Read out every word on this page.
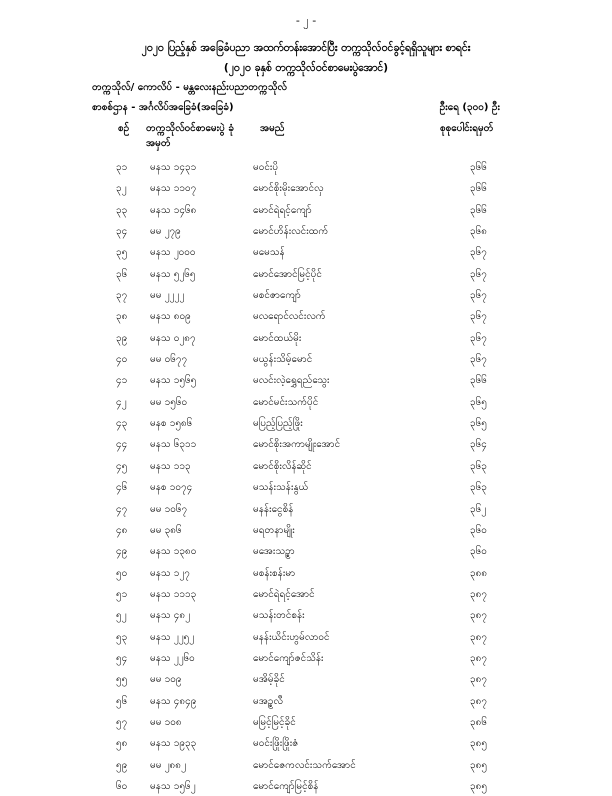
- ၂ -
၂၀၂၀ ပြည့်နှစ် အခြေခံပညာ အထက်တန်းအောင်ပြီး တက္ကသိုလ်ဝင်ခွင့်ရရှိသူများ စာရင်း
(၂၀၂၀ ခုနှစ် တက္ကသိုလ်ဝင်စာမေးပွဲအောင်)
တက္ကသိုလ်/ ကောလိပ် - မန္တလေးနည်းပညာတက္ကသိုလ်
စာစစ်ဌာန - အင်္ဂလိပ်အခြေခံ(အခြေခံ)	ဦးရေ (၃၀၀) ဦး
စဉ် တက္ကသိုလ်ဝင်စာမေးပွဲ ခုံအမှတ်
အမည်	စုစုပေါင်းရမှတ်
၃၁ မနသ ၁၄၃၁	မဝင်းပို	၃၆၆
၃၂ မနသ ၁၁၀၇	မောင်စိုးမိုးအောင်လှ	၃၆၆
၃၃ မနသ ၁၄၆၈	မောင်ရဲရင့်ကျော်	၃၆၆
၃၄ မမ ၂၇၉	မောင်ဟိန်းလင်းထက်	၃၆၈
၃၅ မနသ ၂၀၀၀	မမေသန်	၃၆၇
၃၆ မနသ ၅၂၆၅	မောင်အောင်မြင့်ပိုင်	၃၆၇
၃၇ မမ ၂၂၂၂	မစင်ဇာကျော်	၃၆၇
၃၈ မနသ ၈၀၉	မလရောင်လင်းလက်	၃၆၇
၃၉ မနသ ၀၂၈၇	မောင်ထယ်မိုး	၃၆၇
၄၀ မမ ၀၆၇၇	မယွန်းသိမ့်မောင်	၃၆၇
၄၁ မနသ ၁၅၆၅	မလင်းလဲ့ရွှေရည်သွေး	၃၆၆
၄၂ မမ ၁၅၆၀	မောင်မင်းသက်ပိုင်	၃၆၅
၄၃ မနစ ၁၅၈၆	မပြည့်ပြည့်ဖြိုး	၃၆၅
၄၄ မနသ ၆၃၁၁	မောင်စိုးအကာမျိုးအောင်	၃၆၄
၄၅ မနသ ၁၁၃	မောင်စိုးလိန်ဆိုင်	၃၆၃
၄၆ မနစ ၁၀၇၄	မသန်းသန်းနွယ်	၃၆၃
၄၇ မမ ၁၀၆၇	မနန်းငွေစိန်	၃၆၂
၄၈ မမ ၃၈၆	မရတနာမျိုး	၃၆၀
၄၉ မနသ ၁၃၈၀	မအေးသဉ္စာ	၃၆၀
၅၀ မနသ ၁၂၇	မစန်းစန်းမာ	၃၈၈
၅၁ မနသ ၁၁၁၃	မောင်ရဲရင့်အောင်	၃၈၇
၅၂ မနသ ၄၈၂	မသန်းတင်စန်း	၃၈၇
၅၃ မနသ ၂၂၅၂	မနန်းယိင်းဟွမ်လာဝင်	၃၈၇
၅၄ မနသ ၂၂၆၀	မောင်ကျော်ဇင်သိန်း	၃၈၇
၅၅ မမ ၁၀၉	မအိမ့်ခိုင်	၃၈၇
၅၆ မနသ ၄၈၄၉	မအဥ္စလီ	၃၈၇
၅၇ မမ ၁၀၈	မမြင့်မြင့်ခိုင်	၃၈၆
၅၈ မနသ ၁၉၃၃	မဝင်းဖြိုးဖြိုးဇံ	၃၈၅
၅၉ မမ ၂၈၈၂	မောင်ဇေကလင်းသက်အောင်	၃၈၅
၆၀ မနသ ၁၅၆၂	မောင်ကျော်မြင့်စိန်	၃၈၅
